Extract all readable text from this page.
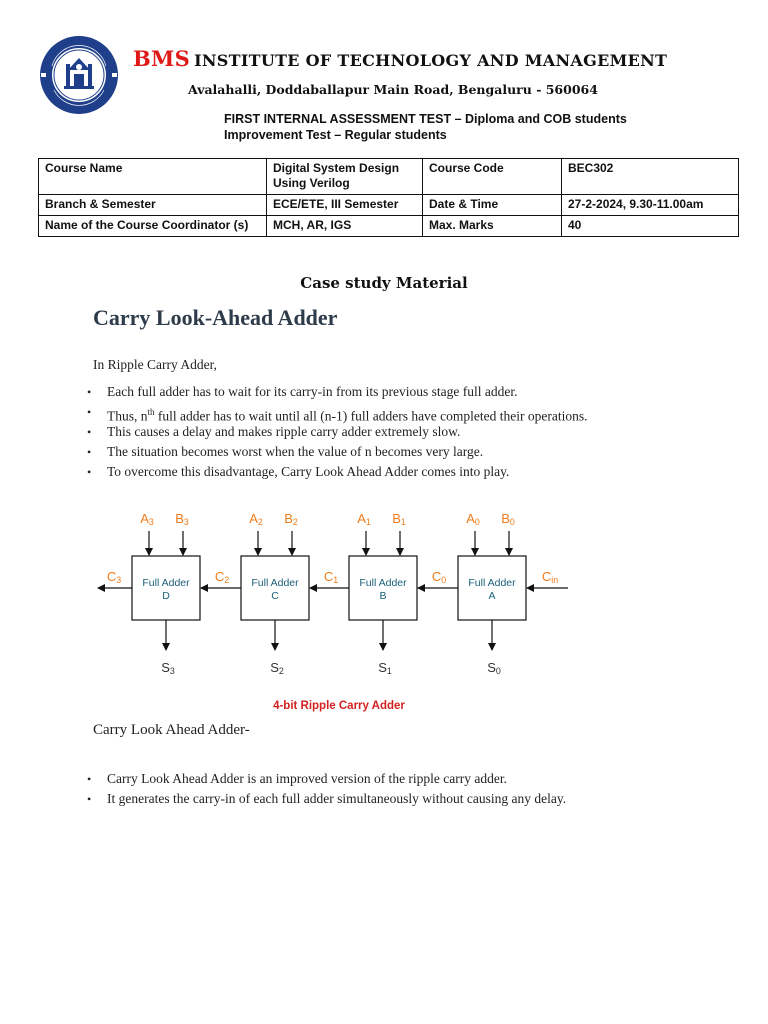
BMS INSTITUTE OF TECHNOLOGY AND MANAGEMENT
Avalahalli, Doddaballapur Main Road, Bengaluru - 560064
FIRST INTERNAL ASSESSMENT TEST – Diploma and COB students
Improvement Test – Regular students
Course Name	Digital System Design Using Verilog	Course Code	BEC302
Branch & Semester	ECE/ETE, III Semester	Date & Time	27-2-2024, 9.30-11.00am
Name of the Course Coordinator (s)	MCH, AR, IGS	Max. Marks	40
Case study Material
Carry Look-Ahead Adder
In Ripple Carry Adder,
• Each full adder has to wait for its carry-in from its previous stage full adder.
• Thus, $n^{th}$ full adder has to wait until all (n-1) full adders have completed their operations.
• This causes a delay and makes ripple carry adder extremely slow.
• The situation becomes worst when the value of n becomes very large.
• To overcome this disadvantage, Carry Look Ahead Adder comes into play.
Full Adder
D
A3 B3
S3
C3	Full Adder
C
A2 B2
S2
C2	Full Adder
B
A1 B1
S1
C1	Full Adder
A
A0 B0
S0
C0	Cin
4-bit Ripple Carry Adder
Carry Look Ahead Adder-
• Carry Look Ahead Adder is an improved version of the ripple carry adder.
• It generates the carry-in of each full adder simultaneously without causing any delay.
